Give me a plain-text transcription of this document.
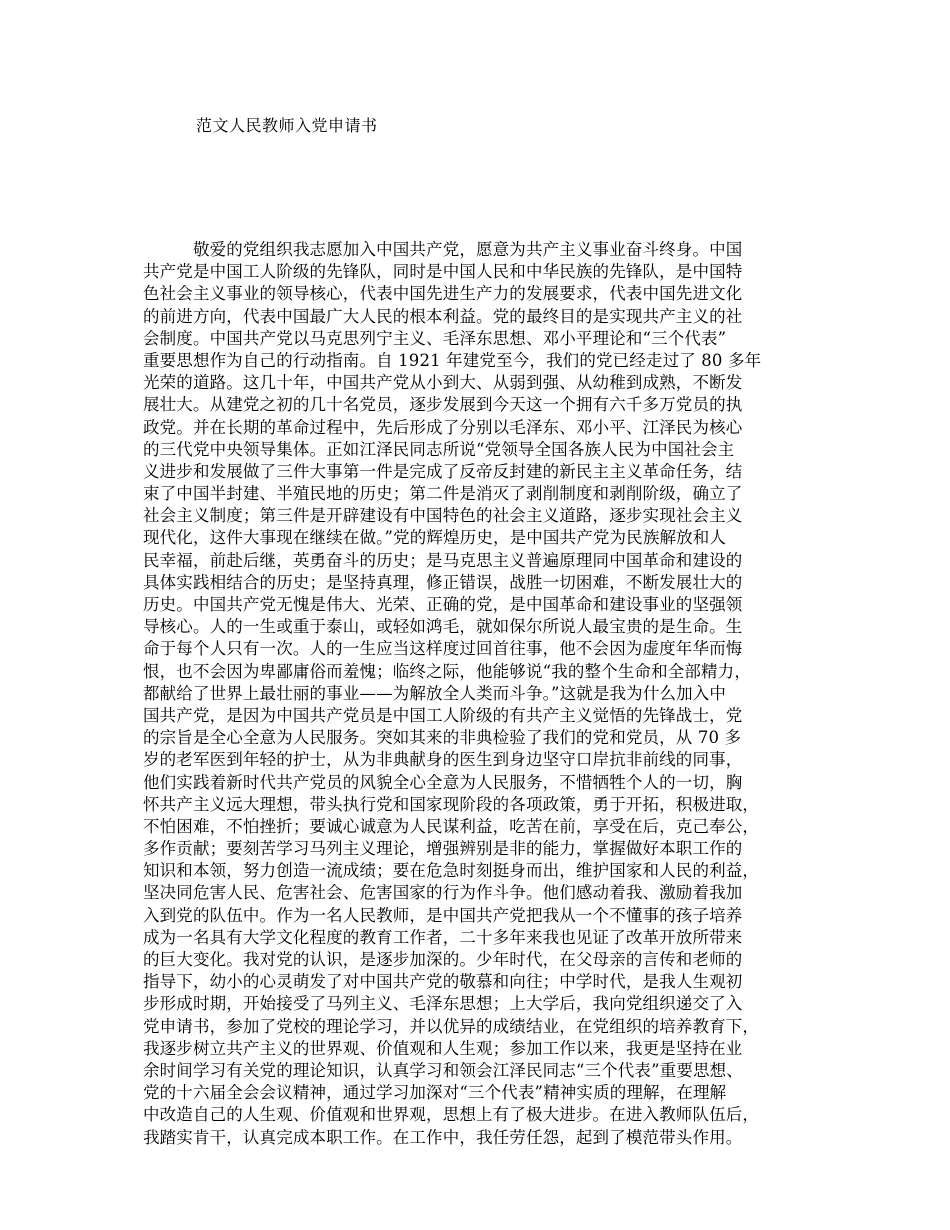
范文人民教师入党申请书
　　　敬爱的党组织我志愿加入中国共产党，愿意为共产主义事业奋斗终身。中国
共产党是中国工人阶级的先锋队，同时是中国人民和中华民族的先锋队，是中国特
色社会主义事业的领导核心，代表中国先进生产力的发展要求，代表中国先进文化
的前进方向，代表中国最广大人民的根本利益。党的最终目的是实现共产主义的社
会制度。中国共产党以马克思列宁主义、毛泽东思想、邓小平理论和“三个代表”
重要思想作为自己的行动指南。自 1921 年建党至今，我们的党已经走过了 80 多年
光荣的道路。这几十年，中国共产党从小到大、从弱到强、从幼稚到成熟，不断发
展壮大。从建党之初的几十名党员，逐步发展到今天这一个拥有六千多万党员的执
政党。并在长期的革命过程中，先后形成了分别以毛泽东、邓小平、江泽民为核心
的三代党中央领导集体。正如江泽民同志所说“党领导全国各族人民为中国社会主
义进步和发展做了三件大事第一件是完成了反帝反封建的新民主主义革命任务，结
束了中国半封建、半殖民地的历史；第二件是消灭了剥削制度和剥削阶级，确立了
社会主义制度；第三件是开辟建设有中国特色的社会主义道路，逐步实现社会主义
现代化，这件大事现在继续在做。”党的辉煌历史，是中国共产党为民族解放和人
民幸福，前赴后继，英勇奋斗的历史；是马克思主义普遍原理同中国革命和建设的
具体实践相结合的历史；是坚持真理，修正错误，战胜一切困难，不断发展壮大的
历史。中国共产党无愧是伟大、光荣、正确的党，是中国革命和建设事业的坚强领
导核心。人的一生或重于泰山，或轻如鸿毛，就如保尔所说人最宝贵的是生命。生
命于每个人只有一次。人的一生应当这样度过回首往事，他不会因为虚度年华而悔
恨，也不会因为卑鄙庸俗而羞愧；临终之际，他能够说“我的整个生命和全部精力，
都献给了世界上最壮丽的事业——为解放全人类而斗争。”这就是我为什么加入中
国共产党，是因为中国共产党员是中国工人阶级的有共产主义觉悟的先锋战士，党
的宗旨是全心全意为人民服务。突如其来的非典检验了我们的党和党员，从 70 多
岁的老军医到年轻的护士，从为非典献身的医生到身边坚守口岸抗非前线的同事，
他们实践着新时代共产党员的风貌全心全意为人民服务，不惜牺牲个人的一切，胸
怀共产主义远大理想，带头执行党和国家现阶段的各项政策，勇于开拓，积极进取，
不怕困难，不怕挫折；要诚心诚意为人民谋利益，吃苦在前，享受在后，克己奉公，
多作贡献；要刻苦学习马列主义理论，增强辨别是非的能力，掌握做好本职工作的
知识和本领，努力创造一流成绩；要在危急时刻挺身而出，维护国家和人民的利益，
坚决同危害人民、危害社会、危害国家的行为作斗争。他们感动着我、激励着我加
入到党的队伍中。作为一名人民教师，是中国共产党把我从一个不懂事的孩子培养
成为一名具有大学文化程度的教育工作者，二十多年来我也见证了改革开放所带来
的巨大变化。我对党的认识，是逐步加深的。少年时代，在父母亲的言传和老师的
指导下，幼小的心灵萌发了对中国共产党的敬慕和向往；中学时代，是我人生观初
步形成时期，开始接受了马列主义、毛泽东思想；上大学后，我向党组织递交了入
党申请书，参加了党校的理论学习，并以优异的成绩结业，在党组织的培养教育下，
我逐步树立共产主义的世界观、价值观和人生观；参加工作以来，我更是坚持在业
余时间学习有关党的理论知识，认真学习和领会江泽民同志“三个代表”重要思想、
党的十六届全会会议精神，通过学习加深对“三个代表”精神实质的理解，在理解
中改造自己的人生观、价值观和世界观，思想上有了极大进步。在进入教师队伍后，
我踏实肯干，认真完成本职工作。在工作中，我任劳任怨，起到了模范带头作用。
